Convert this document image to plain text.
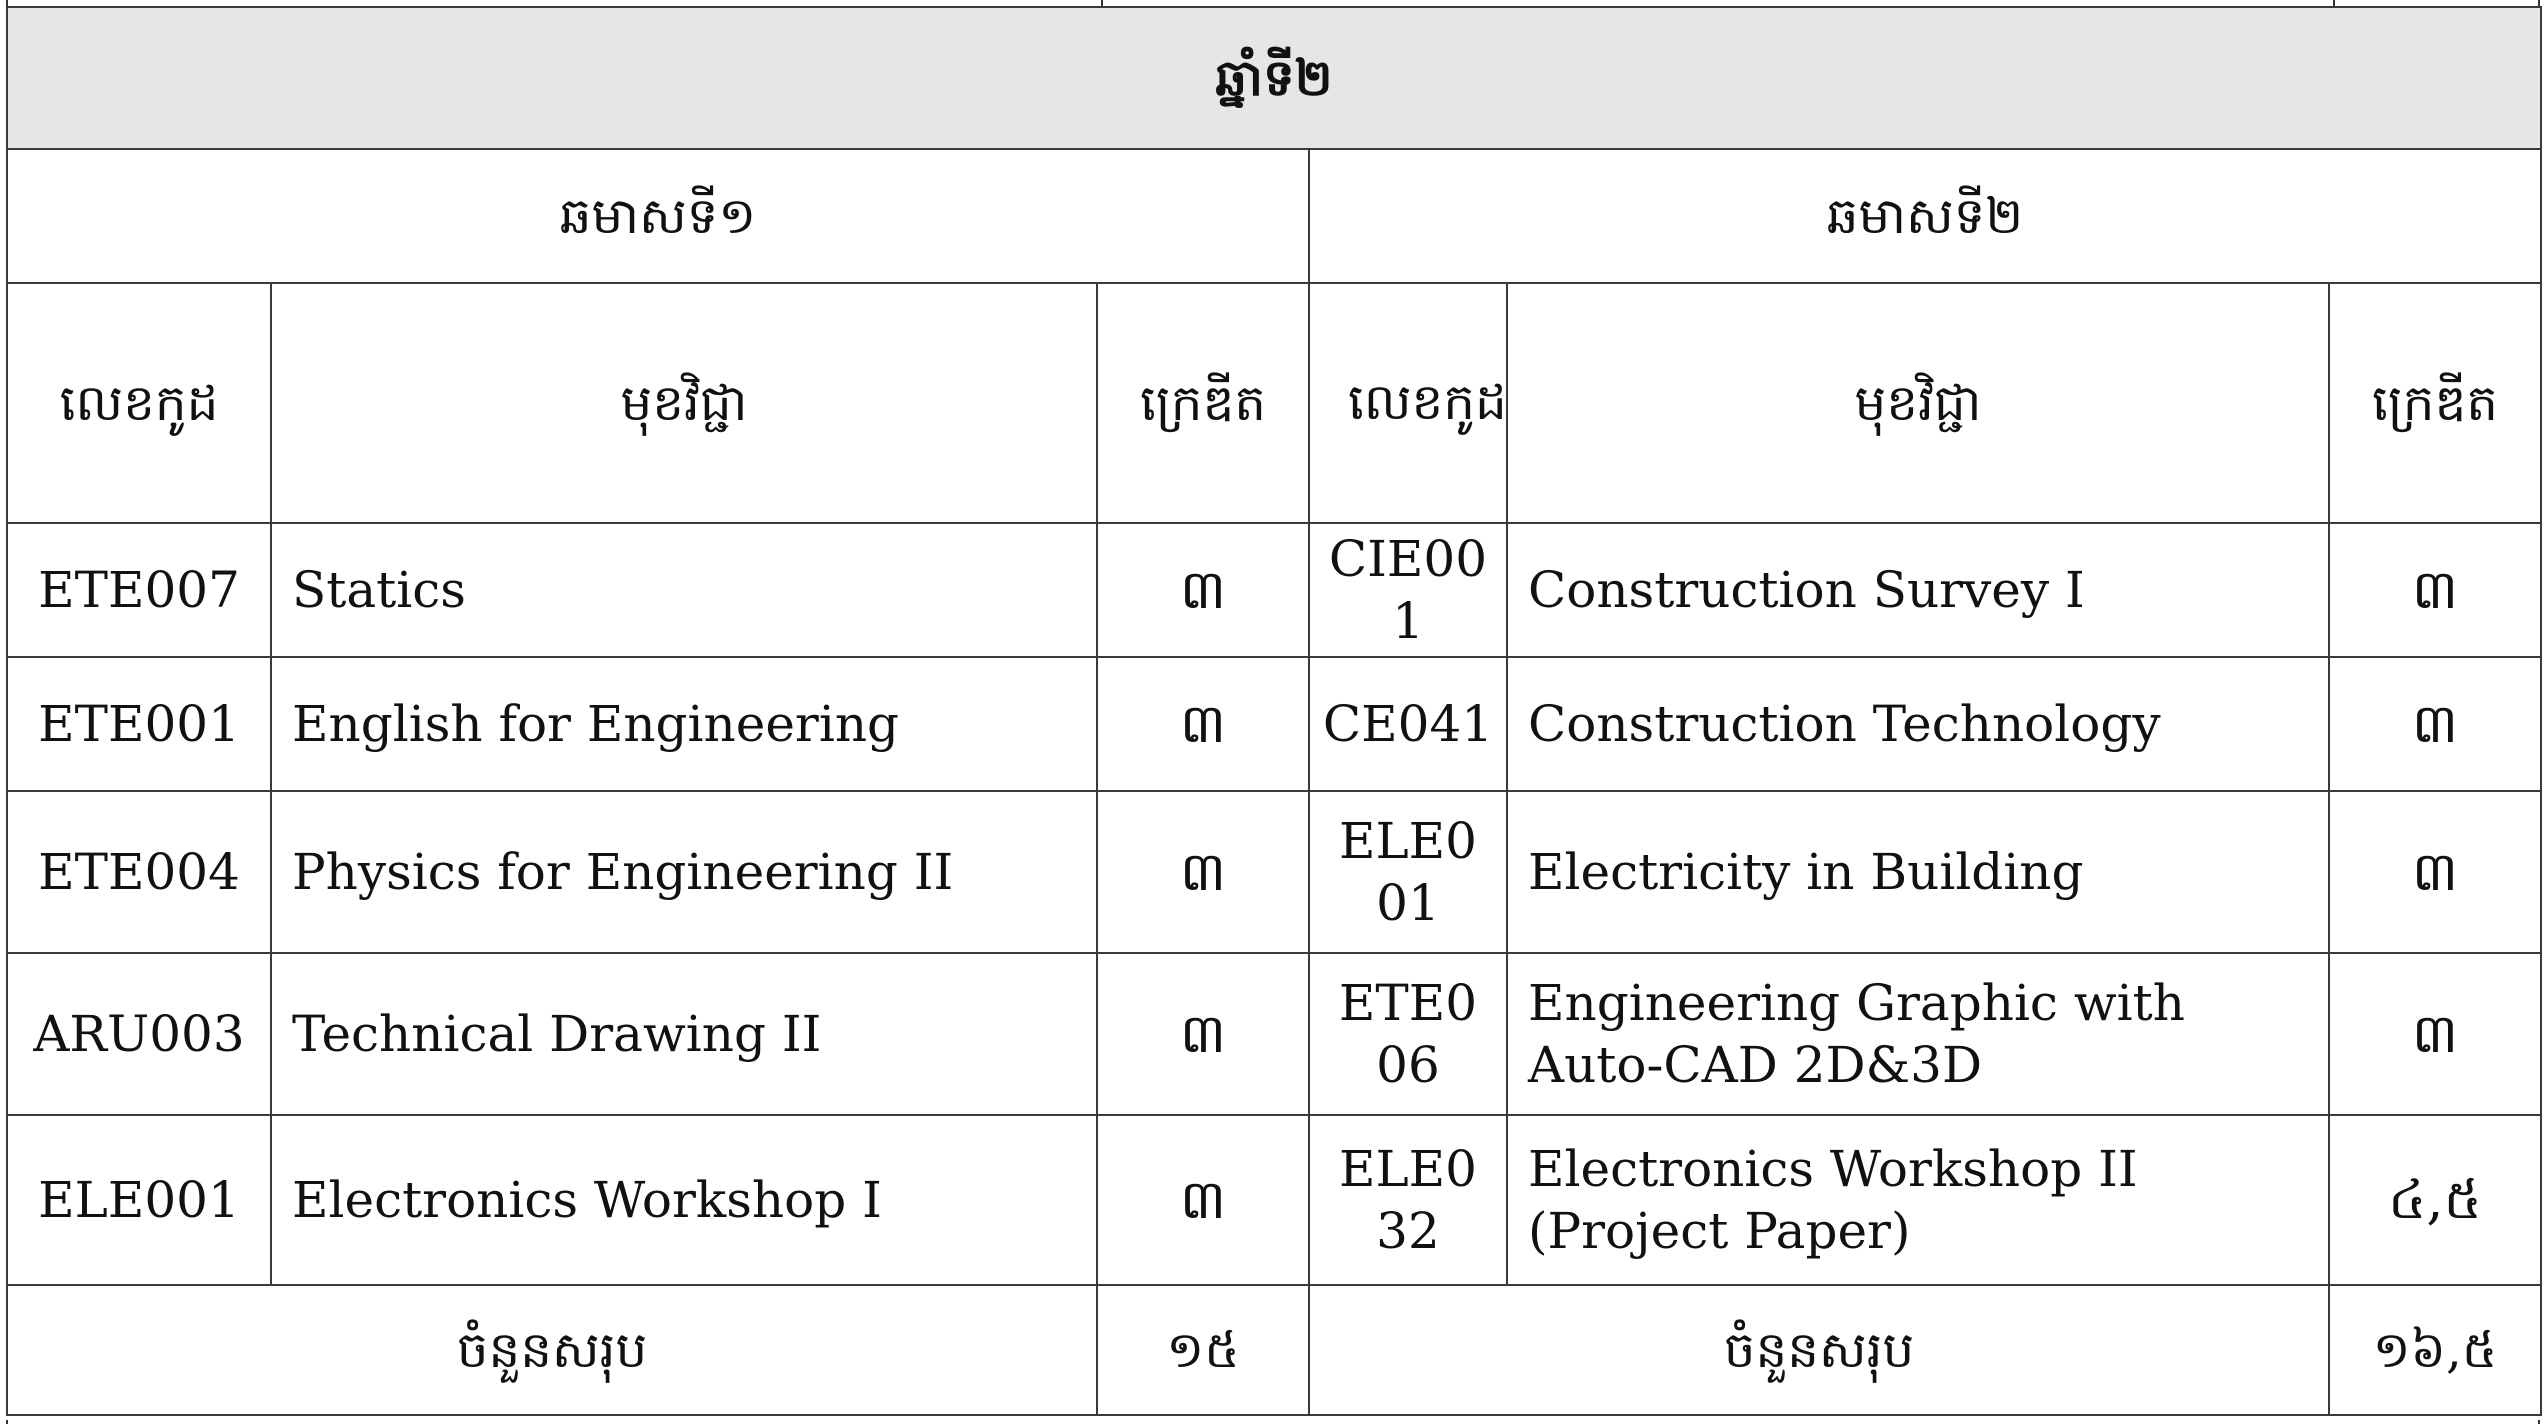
ឆ្នាំទី២					
ឆមាសទី១			ឆមាសទី២		
លេខកូដ	មុខវិជ្ជា	ក្រេឌីត	លេខកូដ	មុខវិជ្ជា	ក្រេឌីត
ETE007	Statics	៣	CIE001	Construction Survey I	៣
ETE001	English for Engineering	៣	CE041	Construction Technology	៣
ETE004	Physics for Engineering II	៣	ELE001	Electricity in Building	៣
ARU003	Technical Drawing II	៣	ETE006	Engineering Graphic with Auto-CAD 2D&3D	៣
ELE001	Electronics Workshop I	៣	ELE032	Electronics Workshop II (Project Paper)	៤,៥
ចំនួនសរុប		១៥	ចំនួនសរុប		១៦,៥
